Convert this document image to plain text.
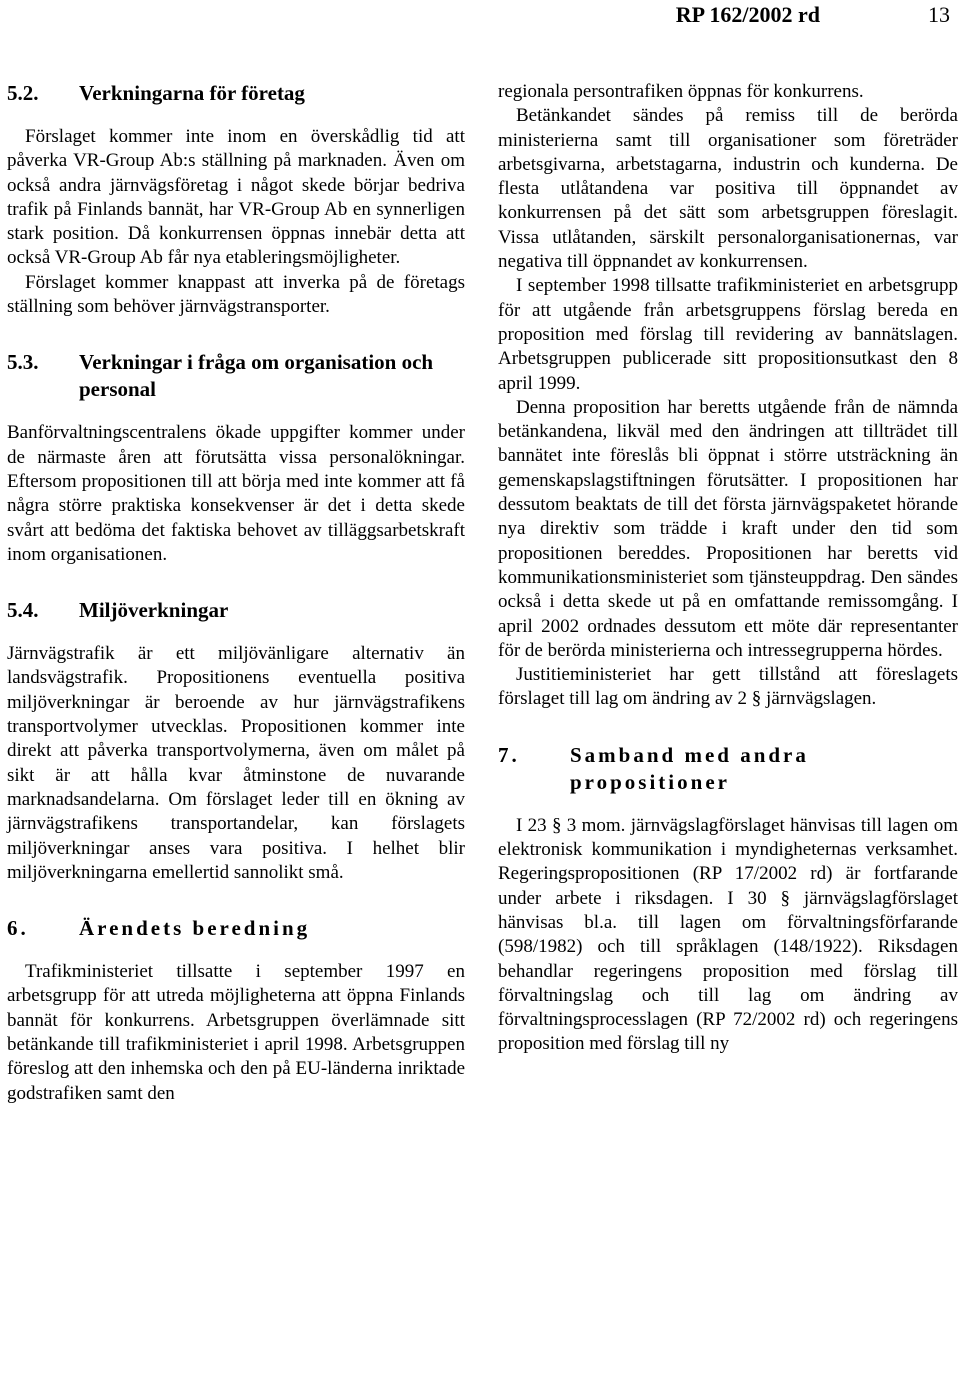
RP 162/2002 rd	13
5.2.	Verkningarna för företag

Förslaget kommer inte inom en överskådlig tid att påverka VR-Group Ab:s ställning på marknaden. Även om också andra järnvägsföretag i något skede börjar bedriva trafik på Finlands bannät, har VR-Group Ab en synnerligen stark position. Då konkurrensen öppnas innebär detta att också VR-Group Ab får nya etableringsmöjligheter.

Förslaget kommer knappast att inverka på de företags ställning som behöver järnvägstransporter.

5.3.	Verkningar i fråga om organisation och personal

Banförvaltningscentralens ökade uppgifter kommer under de närmaste åren att förutsätta vissa personalökningar. Eftersom propositionen till att börja med inte kommer att få några större praktiska konsekvenser är det i detta skede svårt att bedöma det faktiska behovet av tilläggsarbetskraft inom organisationen.

5.4.	Miljöverkningar

Järnvägstrafik är ett miljövänligare alternativ än landsvägstrafik. Propositionens eventuella positiva miljöverkningar är beroende av hur järnvägstrafikens transportvolymer utvecklas. Propositionen kommer inte direkt att påverka transportvolymerna, även om målet på sikt är att hålla kvar åtminstone de nuvarande marknadsandelarna. Om förslaget leder till en ökning av järnvägstrafikens transportandelar, kan förslagets miljöverkningar anses vara positiva. I helhet blir miljöverkningarna emellertid sannolikt små.

6.	Ärendets beredning

Trafikministeriet tillsatte i september 1997 en arbetsgrupp för att utreda möjligheterna att öppna Finlands bannät för konkurrens. Arbetsgruppen överlämnade sitt betänkande till trafikministeriet i april 1998. Arbetsgruppen föreslog att den inhemska och den på EU-länderna inriktade godstrafiken samt den

regionala persontrafiken öppnas för konkurrens.

Betänkandet sändes på remiss till de berörda ministerierna samt till organisationer som företräder arbetsgivarna, arbetstagarna, industrin och kunderna. De flesta utlåtandena var positiva till öppnandet av konkurrensen på det sätt som arbetsgruppen föreslagit. Vissa utlåtanden, särskilt personalorganisationernas, var negativa till öppnandet av konkurrensen.

I september 1998 tillsatte trafikministeriet en arbetsgrupp för att utgående från arbetsgruppens förslag bereda en proposition med förslag till revidering av bannätslagen. Arbetsgruppen publicerade sitt propositionsutkast den 8 april 1999.

Denna proposition har beretts utgående från de nämnda betänkandena, likväl med den ändringen att tillträdet till bannätet inte föreslås bli öppnat i större utsträckning än gemenskapslagstiftningen förutsätter. I propositionen har dessutom beaktats de till det första järnvägspaketet hörande nya direktiv som trädde i kraft under den tid som propositionen bereddes. Propositionen har beretts vid kommunikationsministeriet som tjänsteuppdrag. Den sändes också i detta skede ut på en omfattande remissomgång. I april 2002 ordnades dessutom ett möte där representanter för de berörda ministerierna och intressegrupperna hördes.

Justitieministeriet har gett tillstånd att föreslagets förslaget till lag om ändring av 2 § järnvägslagen.

7.	Samband med andra propositioner

I 23 § 3 mom. järnvägslagförslaget hänvisas till lagen om elektronisk kommunikation i myndigheternas verksamhet. Regeringspropositionen (RP 17/2002 rd) är fortfarande under arbete i riksdagen. I 30 § järnvägslagförslaget hänvisas bl.a. till lagen om förvaltningsförfarande (598/1982) och till språklagen (148/1922). Riksdagen behandlar regeringens proposition med förslag till förvaltningslag och till lag om ändring av förvaltningsprocesslagen (RP 72/2002 rd) och regeringens proposition med förslag till ny
